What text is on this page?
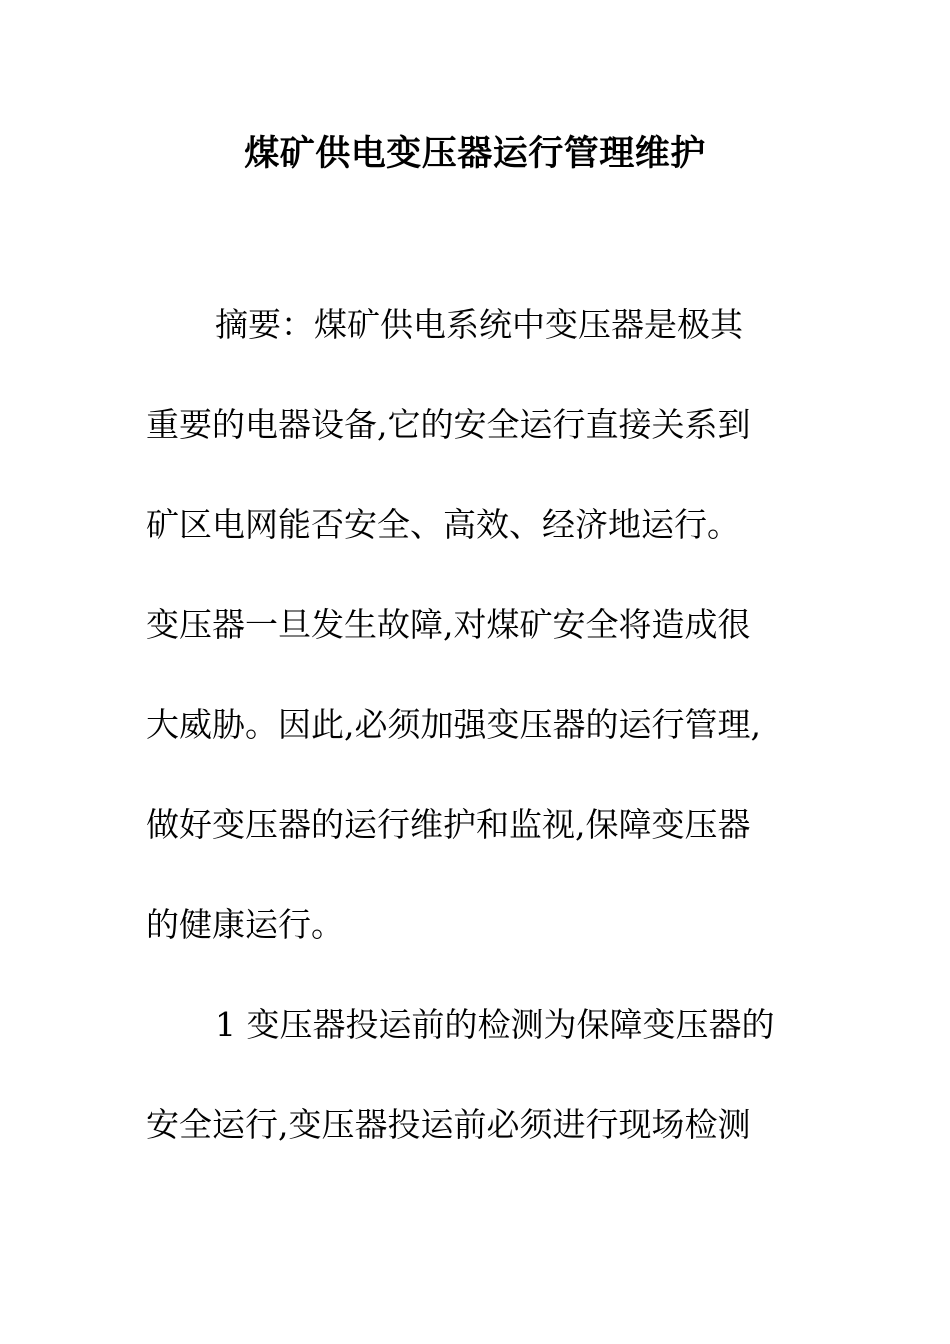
煤矿供电变压器运行管理维护

　摘要：煤矿供电系统中变压器是极其

重要的电器设备,它的安全运行直接关系到

矿区电网能否安全、高效、经济地运行。

变压器一旦发生故障,对煤矿安全将造成很

大威胁。因此,必须加强变压器的运行管理,

做好变压器的运行维护和监视,保障变压器

的健康运行。

　1 变压器投运前的检测为保障变压器的

安全运行,变压器投运前必须进行现场检测
